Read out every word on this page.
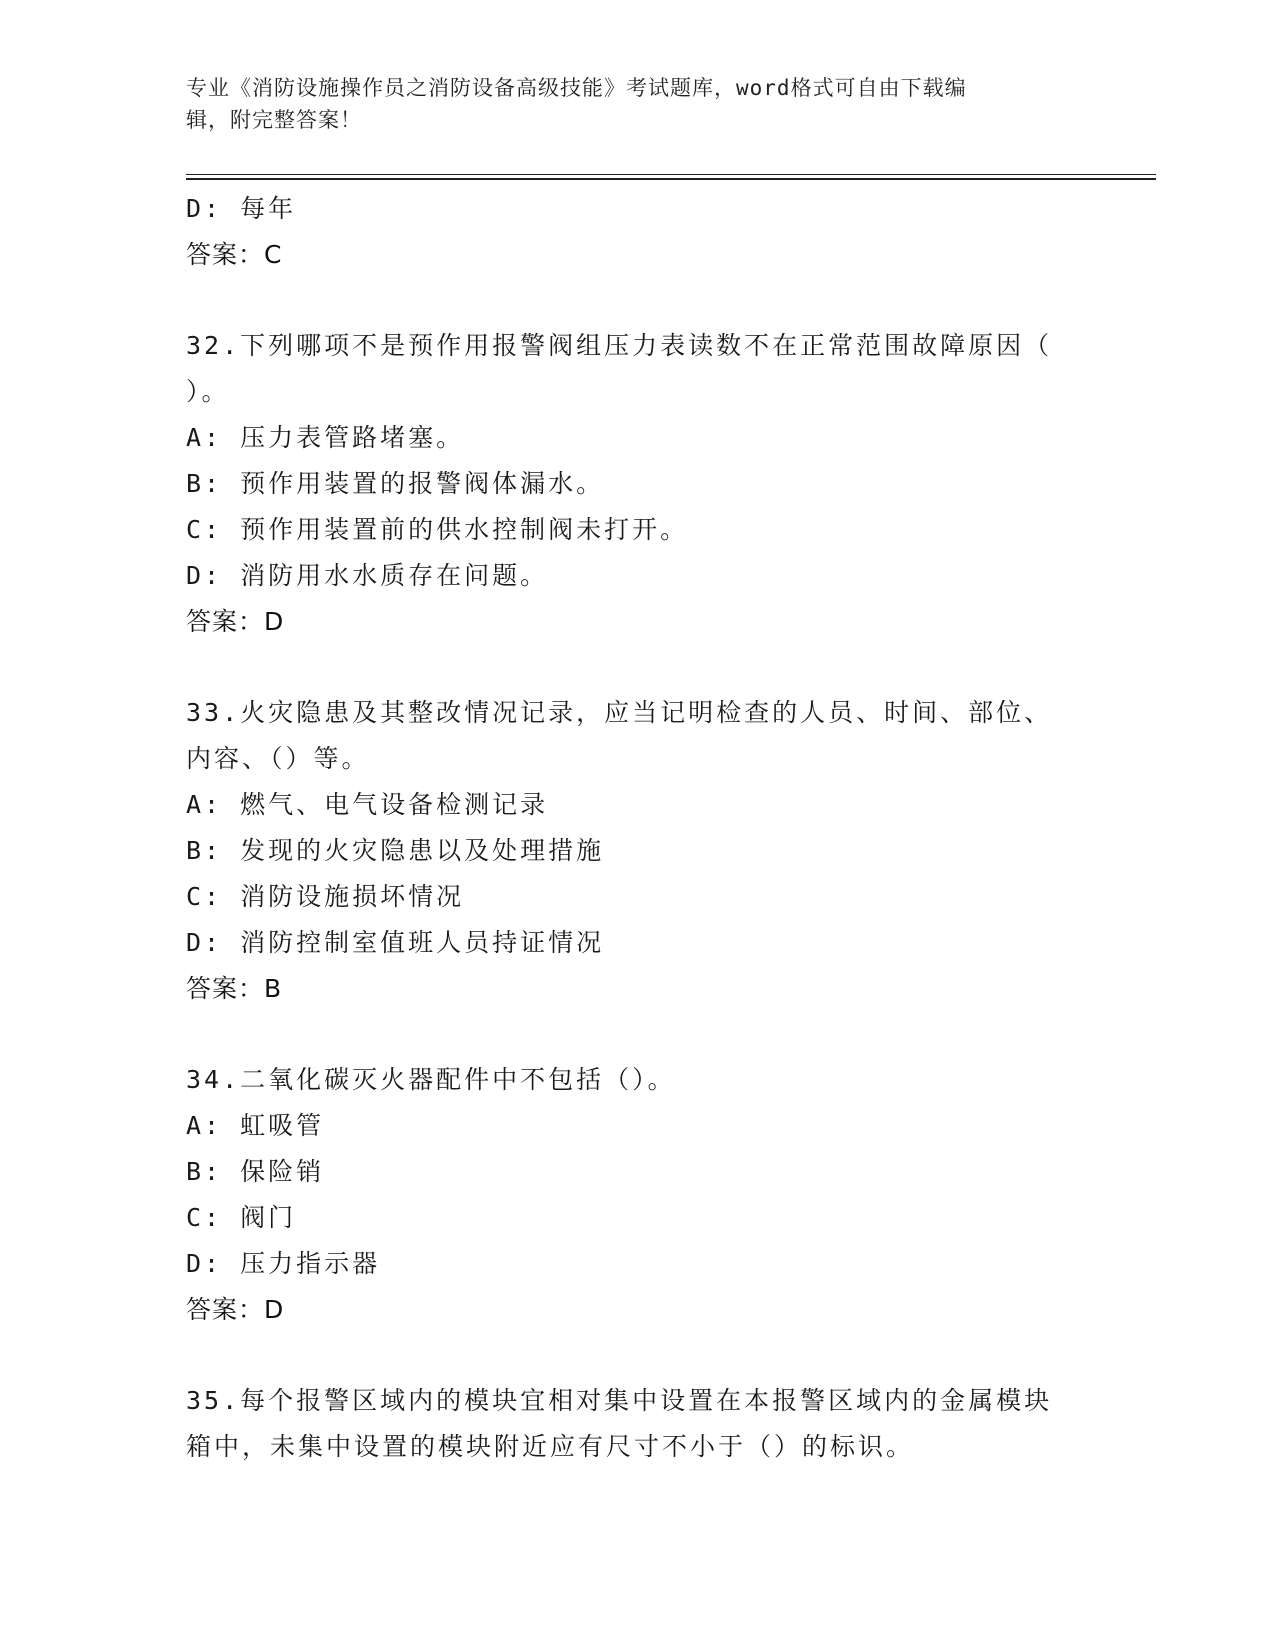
专业《消防设施操作员之消防设备高级技能》考试题库，word格式可自由下载编
辑，附完整答案！
D: 每年
答案：C
32.下列哪项不是预作用报警阀组压力表读数不在正常范围故障原因（
）。
A: 压力表管路堵塞。
B: 预作用装置的报警阀体漏水。
C: 预作用装置前的供水控制阀未打开。
D: 消防用水水质存在问题。
答案：D
33.火灾隐患及其整改情况记录，应当记明检查的人员、时间、部位、
内容、（）等。
A: 燃气、电气设备检测记录
B: 发现的火灾隐患以及处理措施
C: 消防设施损坏情况
D: 消防控制室值班人员持证情况
答案：B
34.二氧化碳灭火器配件中不包括（）。
A: 虹吸管
B: 保险销
C: 阀门
D: 压力指示器
答案：D
35.每个报警区域内的模块宜相对集中设置在本报警区域内的金属模块
箱中，未集中设置的模块附近应有尺寸不小于（）的标识。
